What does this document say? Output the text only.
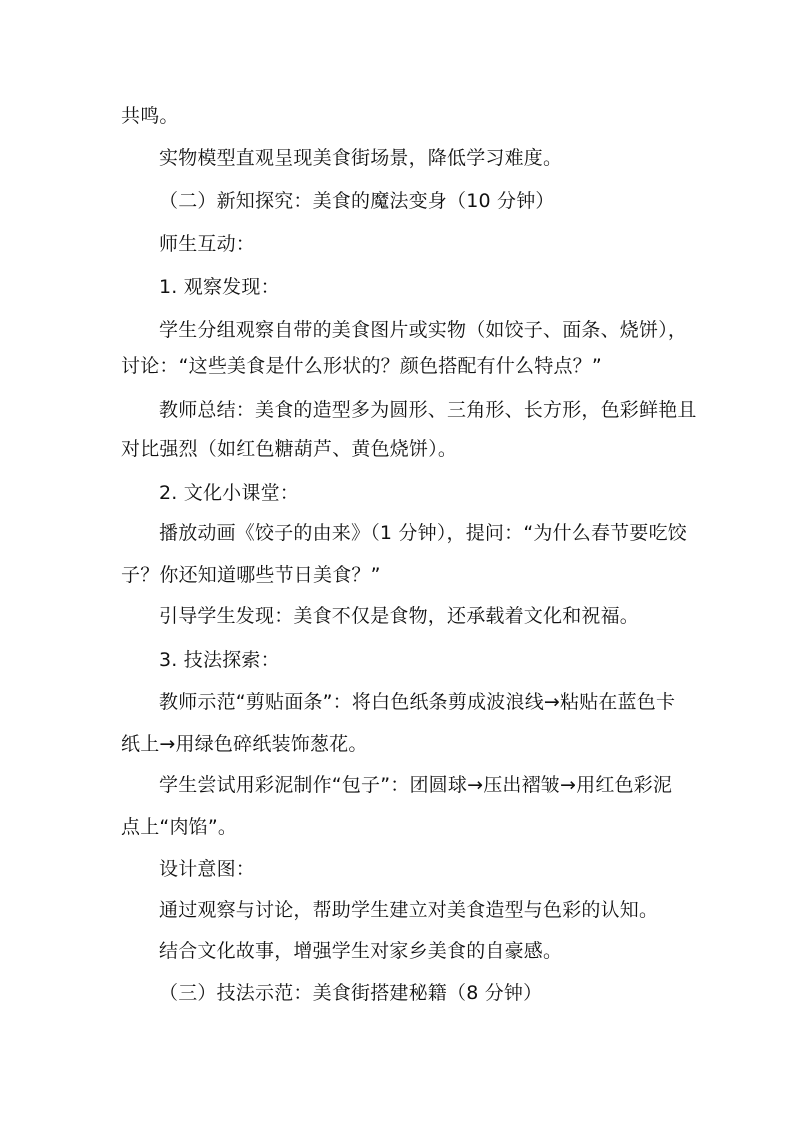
共鸣。

实物模型直观呈现美食街场景，降低学习难度。

（二）新知探究：美食的魔法变身（10 分钟）

师生互动：

1. 观察发现：

学生分组观察自带的美食图片或实物（如饺子、面条、烧饼），

讨论：“这些美食是什么形状的？颜色搭配有什么特点？”

教师总结：美食的造型多为圆形、三角形、长方形，色彩鲜艳且

对比强烈（如红色糖葫芦、黄色烧饼）。

2. 文化小课堂：

播放动画《饺子的由来》（1 分钟），提问：“为什么春节要吃饺

子？你还知道哪些节日美食？”

引导学生发现：美食不仅是食物，还承载着文化和祝福。

3. 技法探索：

教师示范“剪贴面条”：将白色纸条剪成波浪线→粘贴在蓝色卡

纸上→用绿色碎纸装饰葱花。

学生尝试用彩泥制作“包子”：团圆球→压出褶皱→用红色彩泥

点上“肉馅”。

设计意图：

通过观察与讨论，帮助学生建立对美食造型与色彩的认知。

结合文化故事，增强学生对家乡美食的自豪感。

（三）技法示范：美食街搭建秘籍（8 分钟）
